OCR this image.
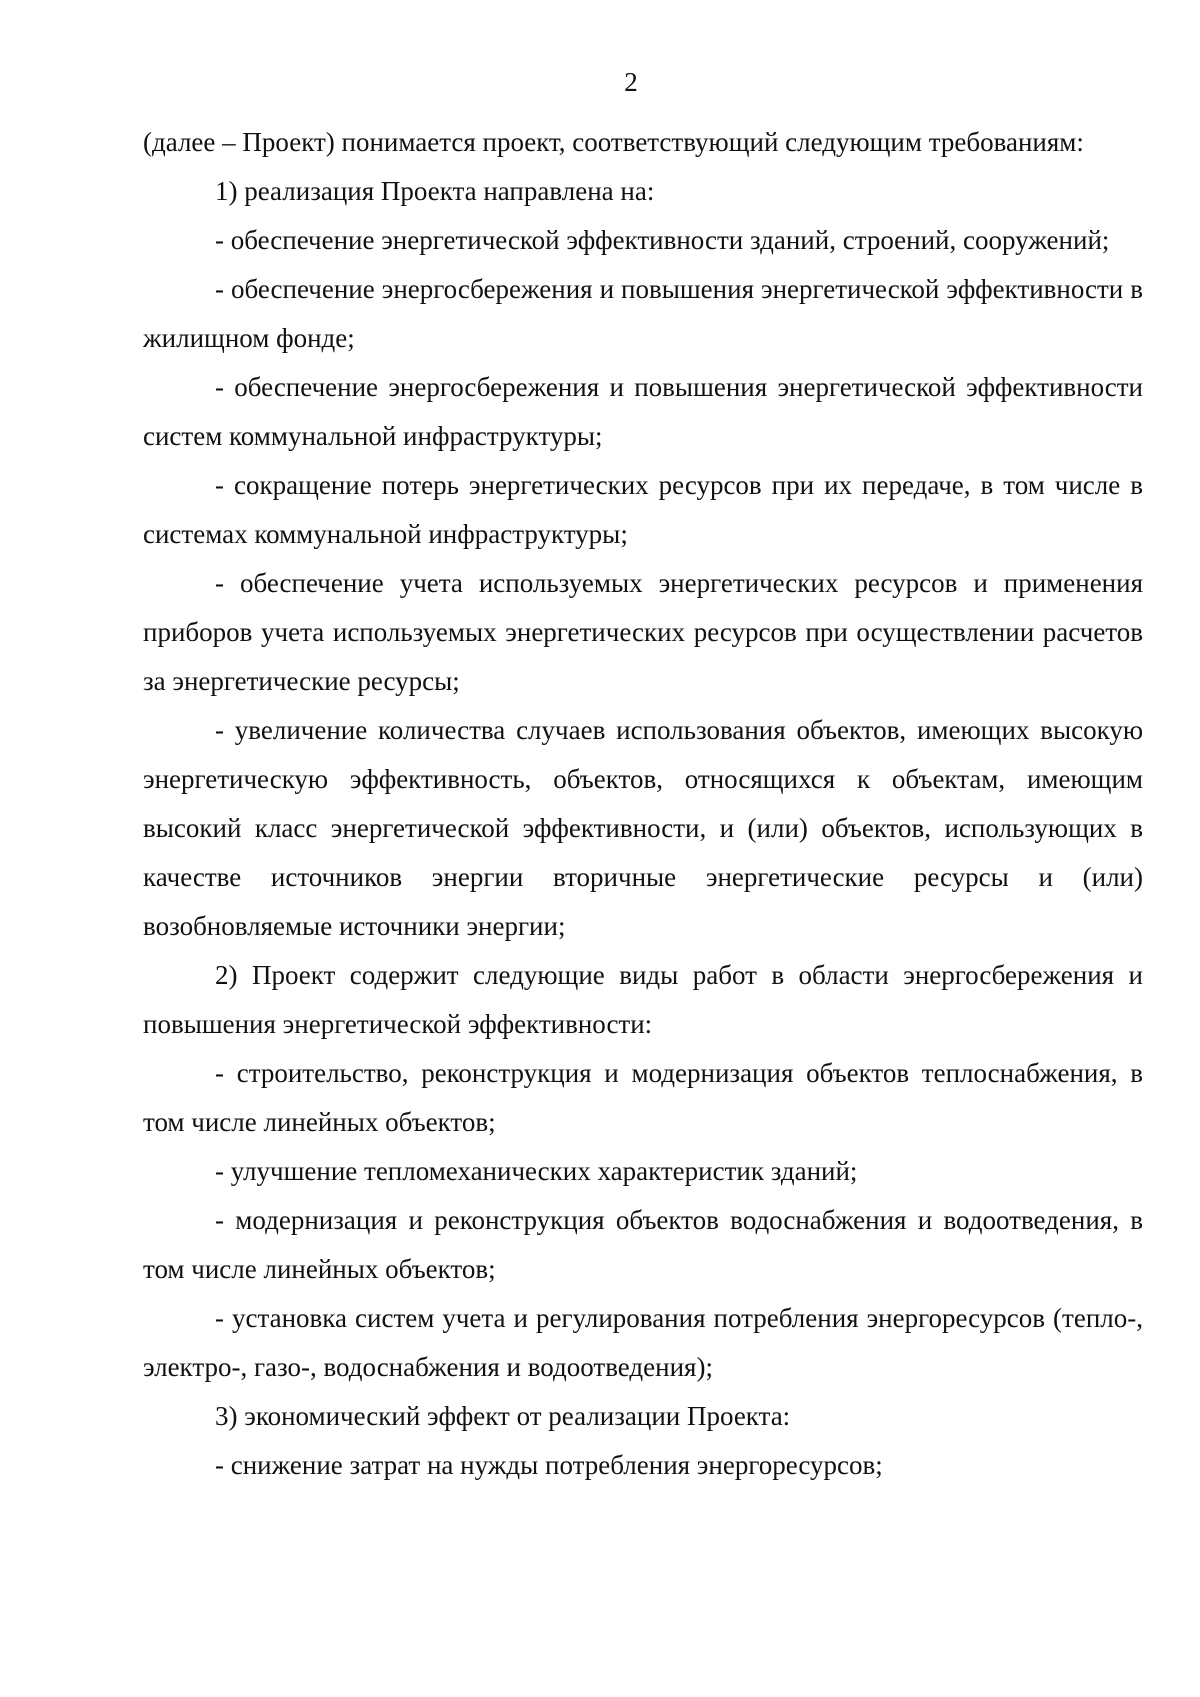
2

(далее – Проект) понимается проект, соответствующий следующим требованиям:

1) реализация Проекта направлена на:

- обеспечение энергетической эффективности зданий, строений, сооружений;

- обеспечение энергосбережения и повышения энергетической эффективности в жилищном фонде;

- обеспечение энергосбережения и повышения энергетической эффективности систем коммунальной инфраструктуры;

- сокращение потерь энергетических ресурсов при их передаче, в том числе в системах коммунальной инфраструктуры;

- обеспечение учета используемых энергетических ресурсов и применения приборов учета используемых энергетических ресурсов при осуществлении расчетов за энергетические ресурсы;

- увеличение количества случаев использования объектов, имеющих высокую энергетическую эффективность, объектов, относящихся к объектам, имеющим высокий класс энергетической эффективности, и (или) объектов, использующих в качестве источников энергии вторичные энергетические ресурсы и (или) возобновляемые источники энергии;

2) Проект содержит следующие виды работ в области энергосбережения и повышения энергетической эффективности:

- строительство, реконструкция и модернизация объектов теплоснабжения, в том числе линейных объектов;

- улучшение тепломеханических характеристик зданий;

- модернизация и реконструкция объектов водоснабжения и водоотведения, в том числе линейных объектов;

- установка систем учета и регулирования потребления энергоресурсов (тепло-, электро-, газо-, водоснабжения и водоотведения);

3) экономический эффект от реализации Проекта:

- снижение затрат на нужды потребления энергоресурсов;
